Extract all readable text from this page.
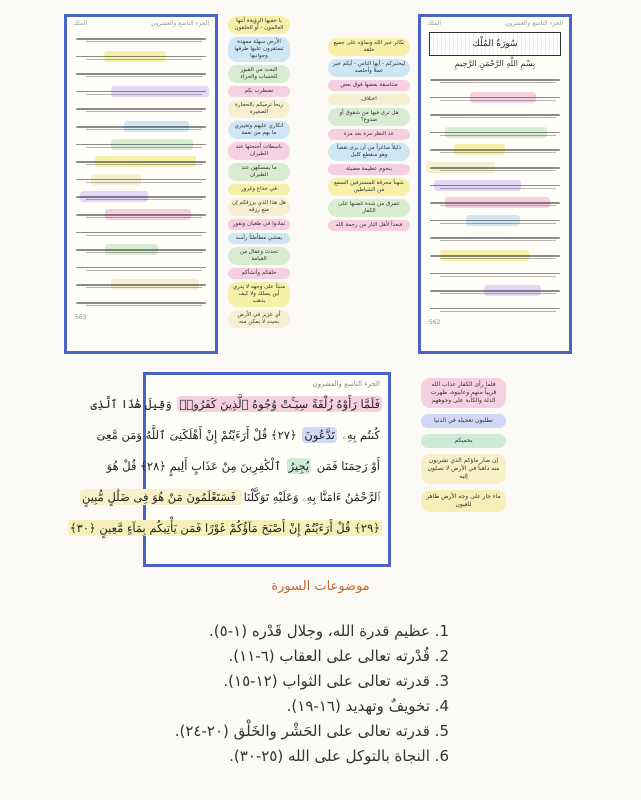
الجزء التاسع والعشرون
الملك
563
يا خفيها الرؤيةة أنتها العالمون - أو الخلقون
الأرض سهلة ممهدة تستقرون عليها طرقها وجوانبها
البعث من القبور للحساب والجزاء
تضطرب بكم
ريحاً ترميكم بالحجارة الصغيرة
انكاري عليهم وتغييري ما بهم من نعمة
باسطات أجنحتها عند الطيران
ما يمسكهن عند الطيران
في خداع وغرور
هل هذا الذي يرزقكم إن منع رزقه
تمادوا في طغيان ونفور
يمشي مطأطئاً رأسه
تحدث وعقال من القيامة
خلقكم وأنشأكم
منبثاً على وجهه لا يدري أين يسلك ولا كيف يذهب
أي عزيز في الأرض بحيث لا يمكن منه
تكاثر خير الله ونماؤه على جميع خلقه
ليختبركم - أيها الناس - أيكم خير عملاً وأخلصه
متناسقة بعضها فوق بعض
اختلاف
هل ترى فيها من شقوق أو صدوع؟
عد النظر مرة بعد مرة
ذليلاً صاغراً من أن يرى نقصاً وهو منقطع كليل
بنجوم عظيمة مضيئة
شهباً محرقة للمسترقين السمع من الشياطين
تتمزق من شدة غضبها على الكفار
فبعداً لأهل النار من رحمة الله
الجزء التاسع والعشرون
الملك
سُورَةُ المُلْك
بِسْمِ اللَّهِ الرَّحْمَنِ الرَّحِيمِ
562
الجزء التاسع والعشرون
فَلَمَّا رَأَوْهُ زُلْفَةً سِيٓـَٔتْ وُجُوهُ ٱلَّذِينَ كَفَرُوا۟ وَقِيلَ هَٰذَا ٱلَّذِى
كُنتُم بِهِۦ تَدَّعُونَ ﴿٢٧﴾ قُلْ أَرَءَيْتُمْ إِنْ أَهْلَكَنِىَ ٱللَّهُ وَمَن مَّعِىَ
أَوْ رَحِمَنَا فَمَن يُجِيرُ ٱلْكَٰفِرِينَ مِنْ عَذَابٍ أَلِيمٍ ﴿٢٨﴾ قُلْ هُوَ
ٱلرَّحْمَٰنُ ءَامَنَّا بِهِۦ وَعَلَيْهِ تَوَكَّلْنَا فَسَتَعْلَمُونَ مَنْ هُوَ فِى ضَلَٰلٍ مُّبِينٍ
﴿٢٩﴾ قُلْ أَرَءَيْتُمْ إِنْ أَصْبَحَ مَآؤُكُمْ غَوْرًا فَمَن يَأْتِيكُم بِمَآءٍ مَّعِينٍ ﴿٣٠﴾
فلما رأى الكفار عذاب الله قريباً منهم وعاينوه، ظهرت الذلة والكآبة على وجوههم
تطلبون تعجيله في الدنيا
يحميكم
إن صار ماؤكم الذي تشربون منه ذاهباً في الأرض لا تصلون إليه
ماء جار على وجه الأرض ظاهر للعيون
موضوعات السورة
1. عظيم قدرة الله، وجلال قَدْره (١-٥).
2. قُدْرته تعالى على العقاب (٦-١١).
3. قدرته تعالى على الثواب (١٢-١٥).
4. تخويفٌ وتهديد (١٦-١٩).
5. قدرته تعالى على الحَشْر والخَلْق (٢٠-٢٤).
6. النجاة بالتوكل على الله (٢٥-٣٠).
